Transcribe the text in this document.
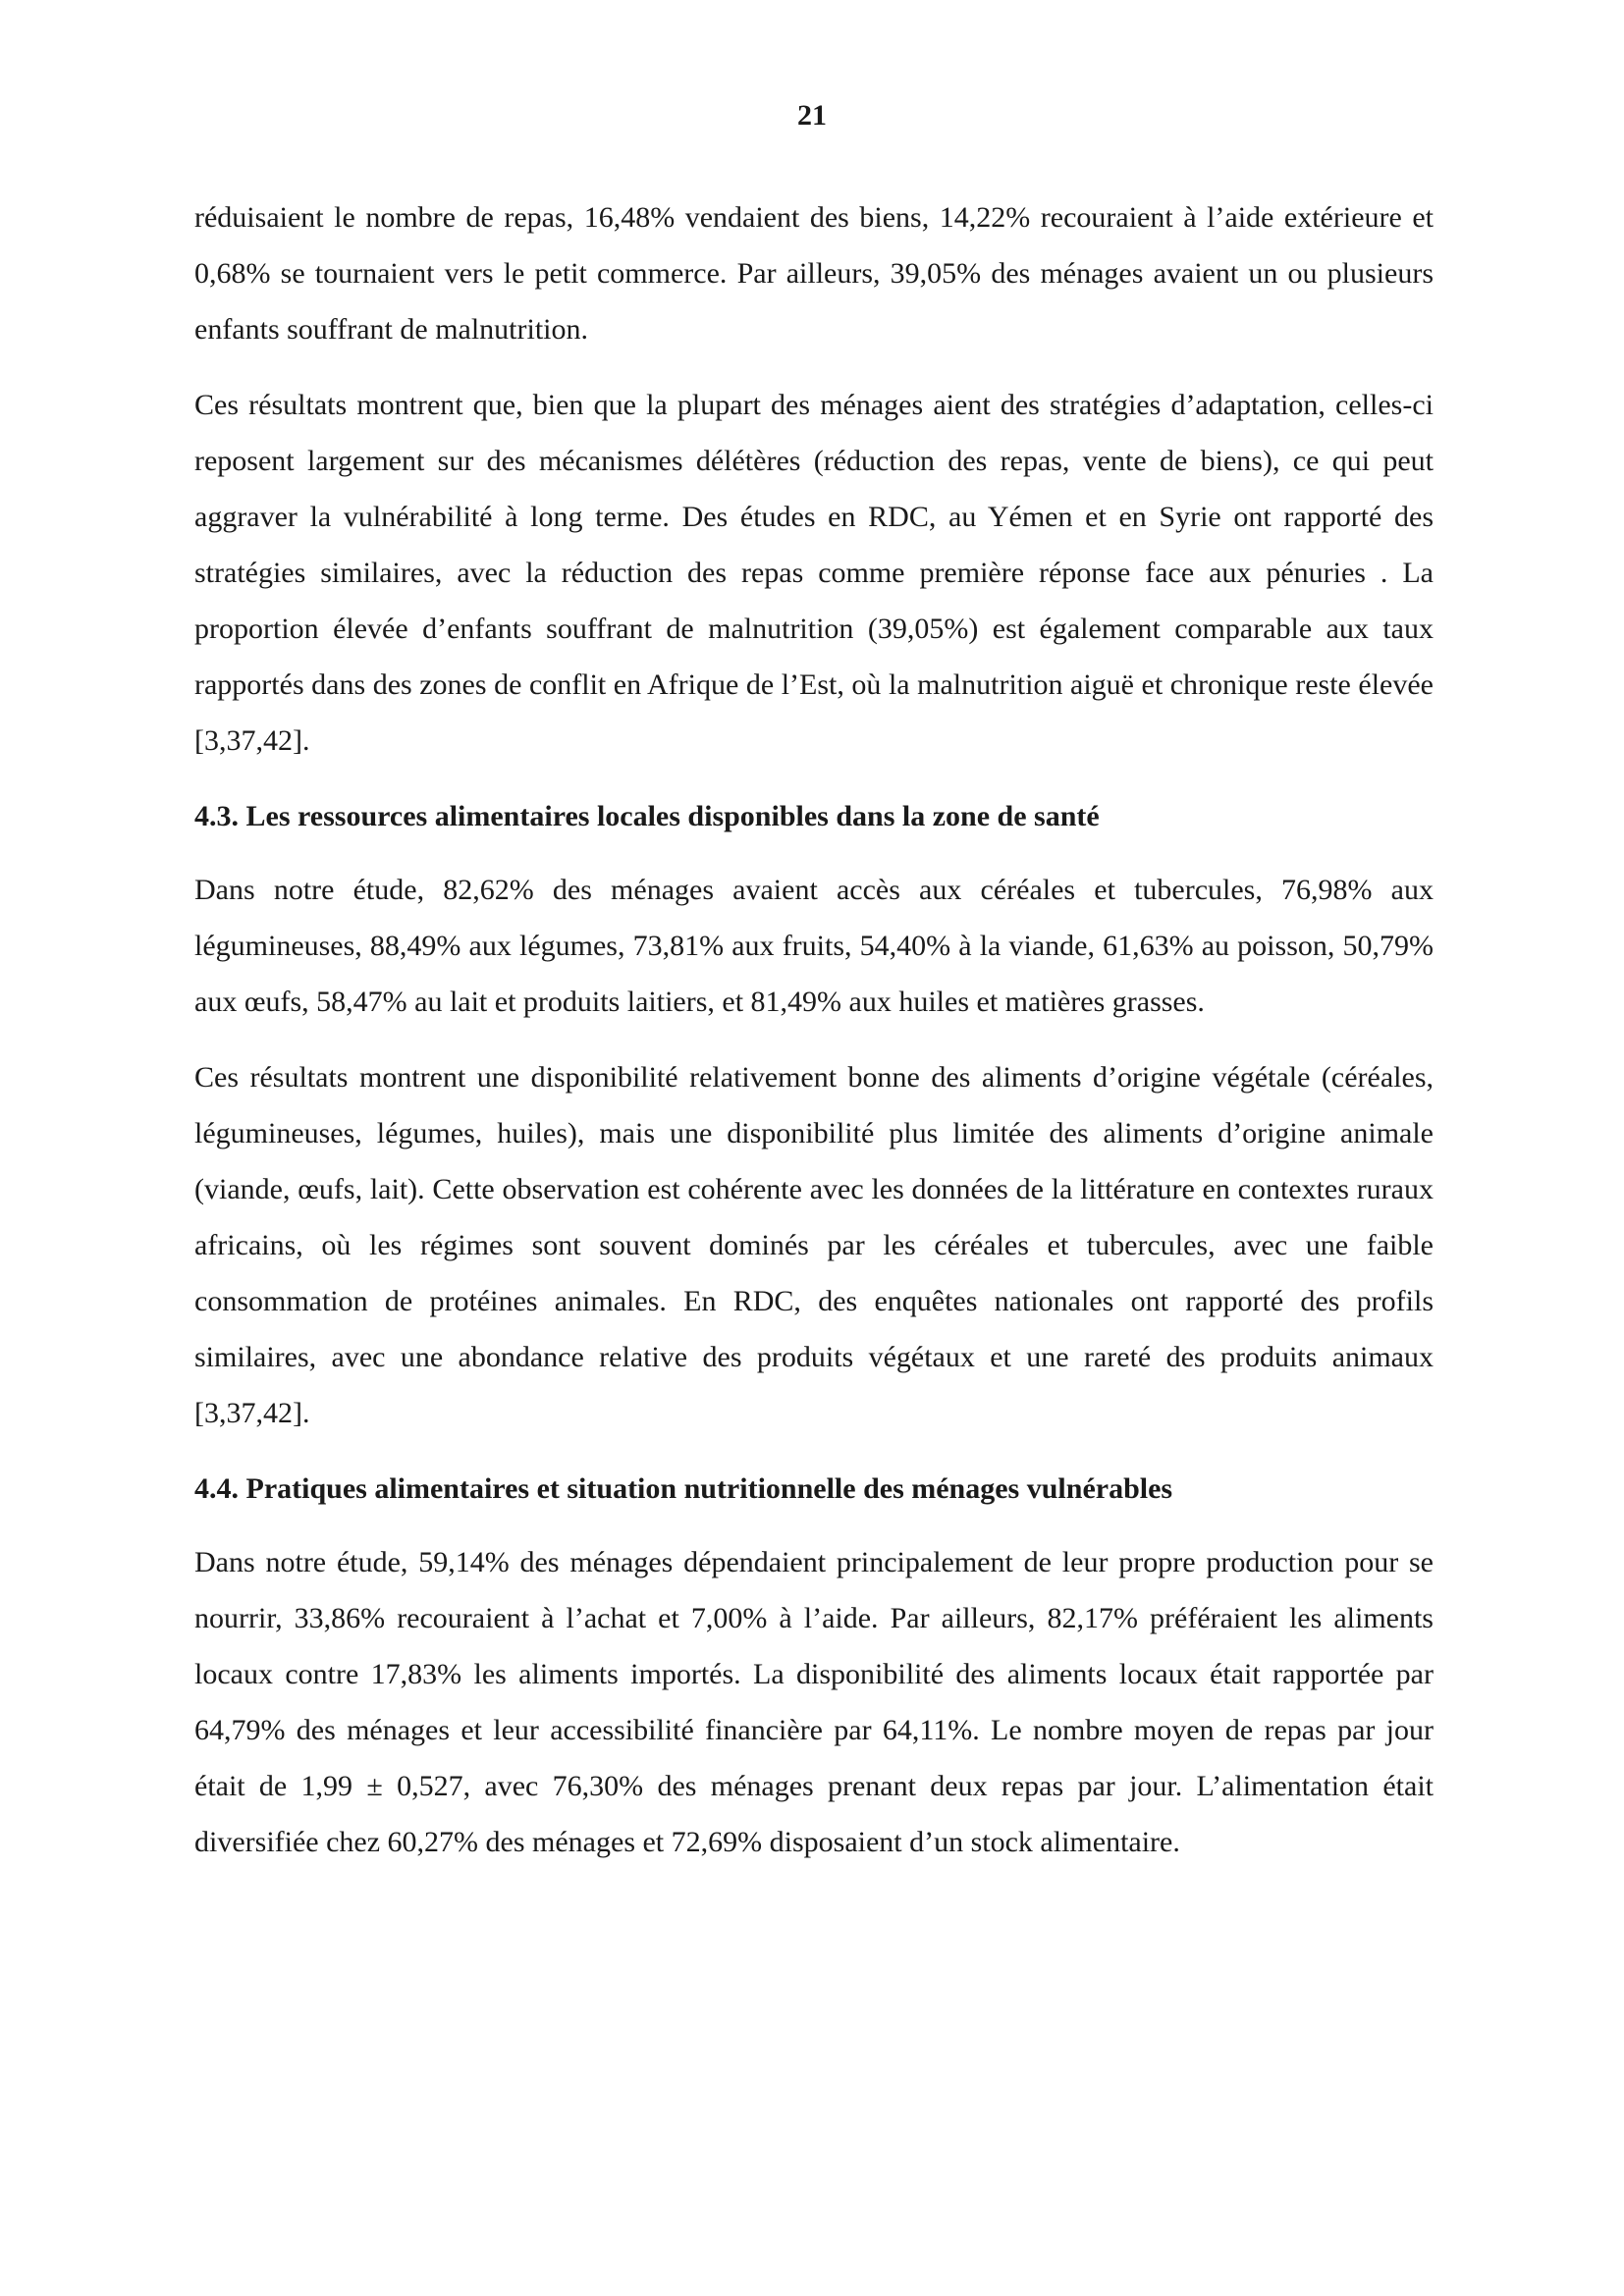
21

réduisaient le nombre de repas, 16,48% vendaient des biens, 14,22% recouraient à l’aide extérieure et 0,68% se tournaient vers le petit commerce. Par ailleurs, 39,05% des ménages avaient un ou plusieurs enfants souffrant de malnutrition.

Ces résultats montrent que, bien que la plupart des ménages aient des stratégies d’adaptation, celles-ci reposent largement sur des mécanismes délétères (réduction des repas, vente de biens), ce qui peut aggraver la vulnérabilité à long terme. Des études en RDC, au Yémen et en Syrie ont rapporté des stratégies similaires, avec la réduction des repas comme première réponse face aux pénuries . La proportion élevée d’enfants souffrant de malnutrition (39,05%) est également comparable aux taux rapportés dans des zones de conflit en Afrique de l’Est, où la malnutrition aiguë et chronique reste élevée [3,37,42].

4.3. Les ressources alimentaires locales disponibles dans la zone de santé

Dans notre étude, 82,62% des ménages avaient accès aux céréales et tubercules, 76,98% aux légumineuses, 88,49% aux légumes, 73,81% aux fruits, 54,40% à la viande, 61,63% au poisson, 50,79% aux œufs, 58,47% au lait et produits laitiers, et 81,49% aux huiles et matières grasses.

Ces résultats montrent une disponibilité relativement bonne des aliments d’origine végétale (céréales, légumineuses, légumes, huiles), mais une disponibilité plus limitée des aliments d’origine animale (viande, œufs, lait). Cette observation est cohérente avec les données de la littérature en contextes ruraux africains, où les régimes sont souvent dominés par les céréales et tubercules, avec une faible consommation de protéines animales. En RDC, des enquêtes nationales ont rapporté des profils similaires, avec une abondance relative des produits végétaux et une rareté des produits animaux [3,37,42].

4.4. Pratiques alimentaires et situation nutritionnelle des ménages vulnérables

Dans notre étude, 59,14% des ménages dépendaient principalement de leur propre production pour se nourrir, 33,86% recouraient à l’achat et 7,00% à l’aide. Par ailleurs, 82,17% préféraient les aliments locaux contre 17,83% les aliments importés. La disponibilité des aliments locaux était rapportée par 64,79% des ménages et leur accessibilité financière par 64,11%. Le nombre moyen de repas par jour était de 1,99 ± 0,527, avec 76,30% des ménages prenant deux repas par jour. L’alimentation était diversifiée chez 60,27% des ménages et 72,69% disposaient d’un stock alimentaire.
